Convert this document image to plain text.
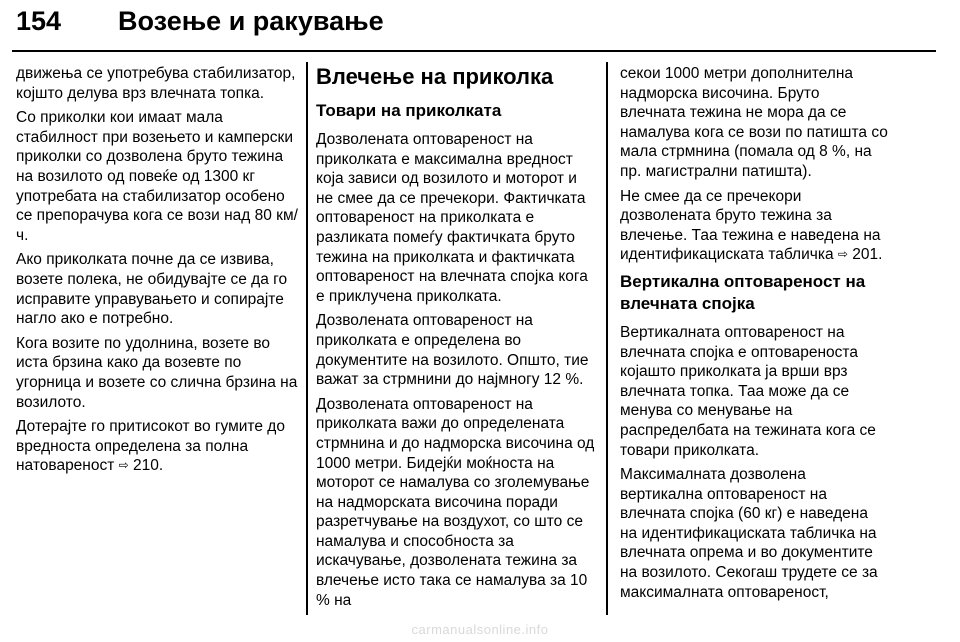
154 Возење и ракување

движења се употребува стабилизатор, којшто делува врз влечната топка.

Со приколки кои имаат мала стабилност при возењето и камперски приколки со дозволена бруто тежина на возилото од повеќе од 1300 кг употребата на стабилизатор особено се препорачува кога се вози над 80 км/ч.

Ако приколката почне да се извива, возете полека, не обидувајте се да го исправите управувањето и сопирајте нагло ако е потребно.

Кога возите по удолнина, возете во иста брзина како да возевте по угорница и возете со слична брзина на возилото.

Дотерајте го притисокот во гумите до вредноста определена за полна натовареност ⇨ 210.

Влечење на приколка
Товари на приколката

Дозволената оптовареност на приколката е максимална вредност која зависи од возилото и моторот и не смее да се пречекори. Фактичката оптовареност на приколката е разликата помеѓу фактичката бруто тежина на приколката и фактичката оптовареност на влечната спојка кога е приклучена приколката.

Дозволената оптовареност на приколката е определена во документите на возилото. Општо, тие важат за стрмнини до најмногу 12 %.

Дозволената оптовареност на приколката важи до определената стрмнина и до надморска височина од 1000 метри. Бидејќи моќноста на моторот се намалува со зголемување на надморската височина поради разретчување на воздухот, со што се намалува и способноста за искачување, дозволената тежина за влечење исто така се намалува за 10 % на

секои 1000 метри дополнителна надморска височина. Бруто влечната тежина не мора да се намалува кога се вози по патишта со мала стрмнина (помала од 8 %, на пр. магистрални патишта).

Не смее да се пречекори дозволената бруто тежина за влечење. Таа тежина е наведена на идентификациската табличка ⇨ 201.

Вертикална оптовареност на влечната спојка

Вертикалната оптовареност на влечната спојка е оптовареноста којашто приколката ја врши врз влечната топка. Таа може да се менува со менување на распределбата на тежината кога се товари приколката.

Максималната дозволена вертикална оптовареност на влечната спојка (60 кг) е наведена на идентификациската табличка на влечната опрема и во документите на возилото. Секогаш трудете се за максималната оптовареност,

carmanualsonline.info
